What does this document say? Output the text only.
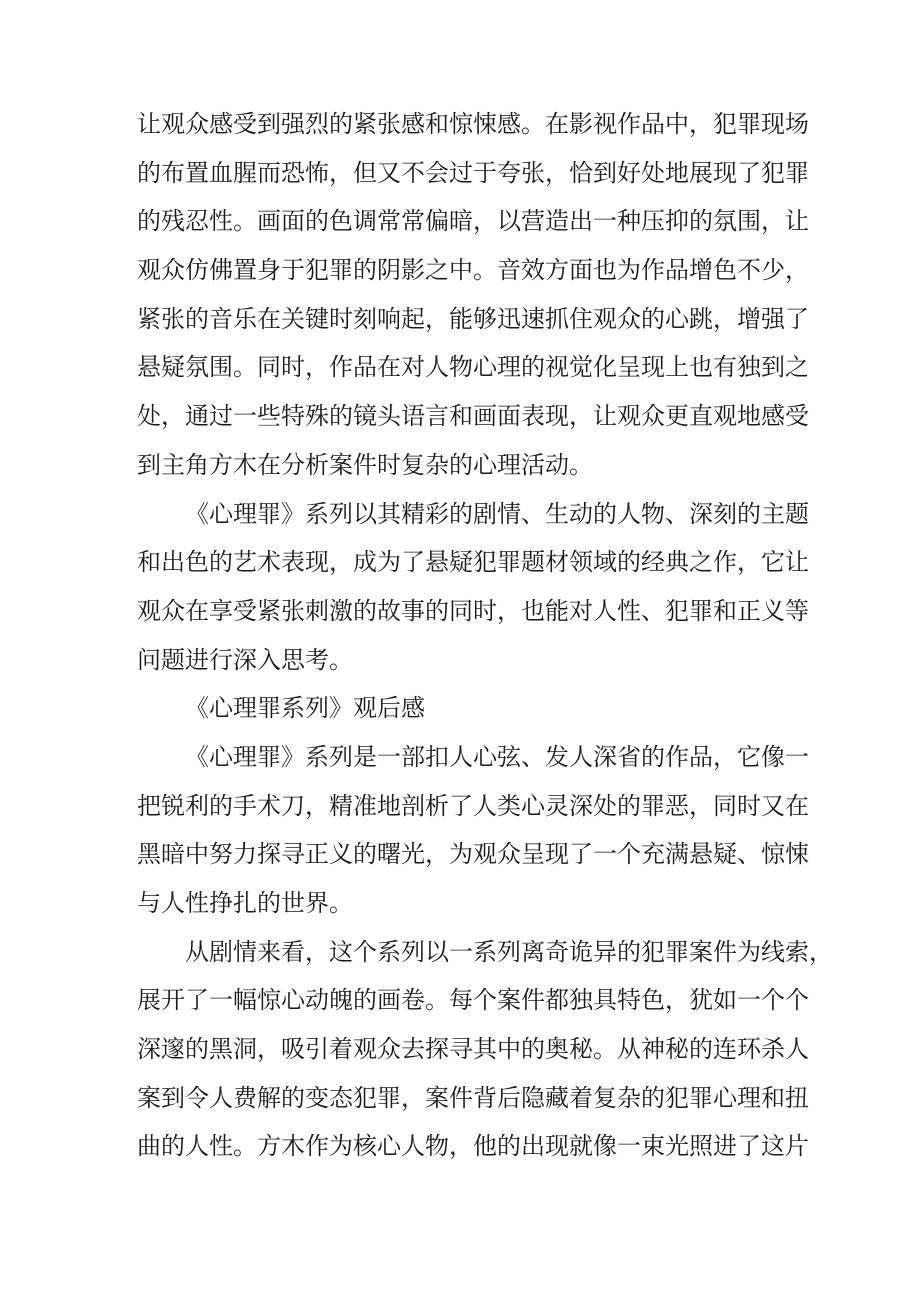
让观众感受到强烈的紧张感和惊悚感。在影视作品中，犯罪现场
的布置血腥而恐怖，但又不会过于夸张，恰到好处地展现了犯罪
的残忍性。画面的色调常常偏暗，以营造出一种压抑的氛围，让
观众仿佛置身于犯罪的阴影之中。音效方面也为作品增色不少，
紧张的音乐在关键时刻响起，能够迅速抓住观众的心跳，增强了
悬疑氛围。同时，作品在对人物心理的视觉化呈现上也有独到之
处，通过一些特殊的镜头语言和画面表现，让观众更直观地感受
到主角方木在分析案件时复杂的心理活动。
《心理罪》系列以其精彩的剧情、生动的人物、深刻的主题
和出色的艺术表现，成为了悬疑犯罪题材领域的经典之作，它让
观众在享受紧张刺激的故事的同时，也能对人性、犯罪和正义等
问题进行深入思考。
《心理罪系列》观后感
《心理罪》系列是一部扣人心弦、发人深省的作品，它像一
把锐利的手术刀，精准地剖析了人类心灵深处的罪恶，同时又在
黑暗中努力探寻正义的曙光，为观众呈现了一个充满悬疑、惊悚
与人性挣扎的世界。
从剧情来看，这个系列以一系列离奇诡异的犯罪案件为线索，
展开了一幅惊心动魄的画卷。每个案件都独具特色，犹如一个个
深邃的黑洞，吸引着观众去探寻其中的奥秘。从神秘的连环杀人
案到令人费解的变态犯罪，案件背后隐藏着复杂的犯罪心理和扭
曲的人性。方木作为核心人物，他的出现就像一束光照进了这片
